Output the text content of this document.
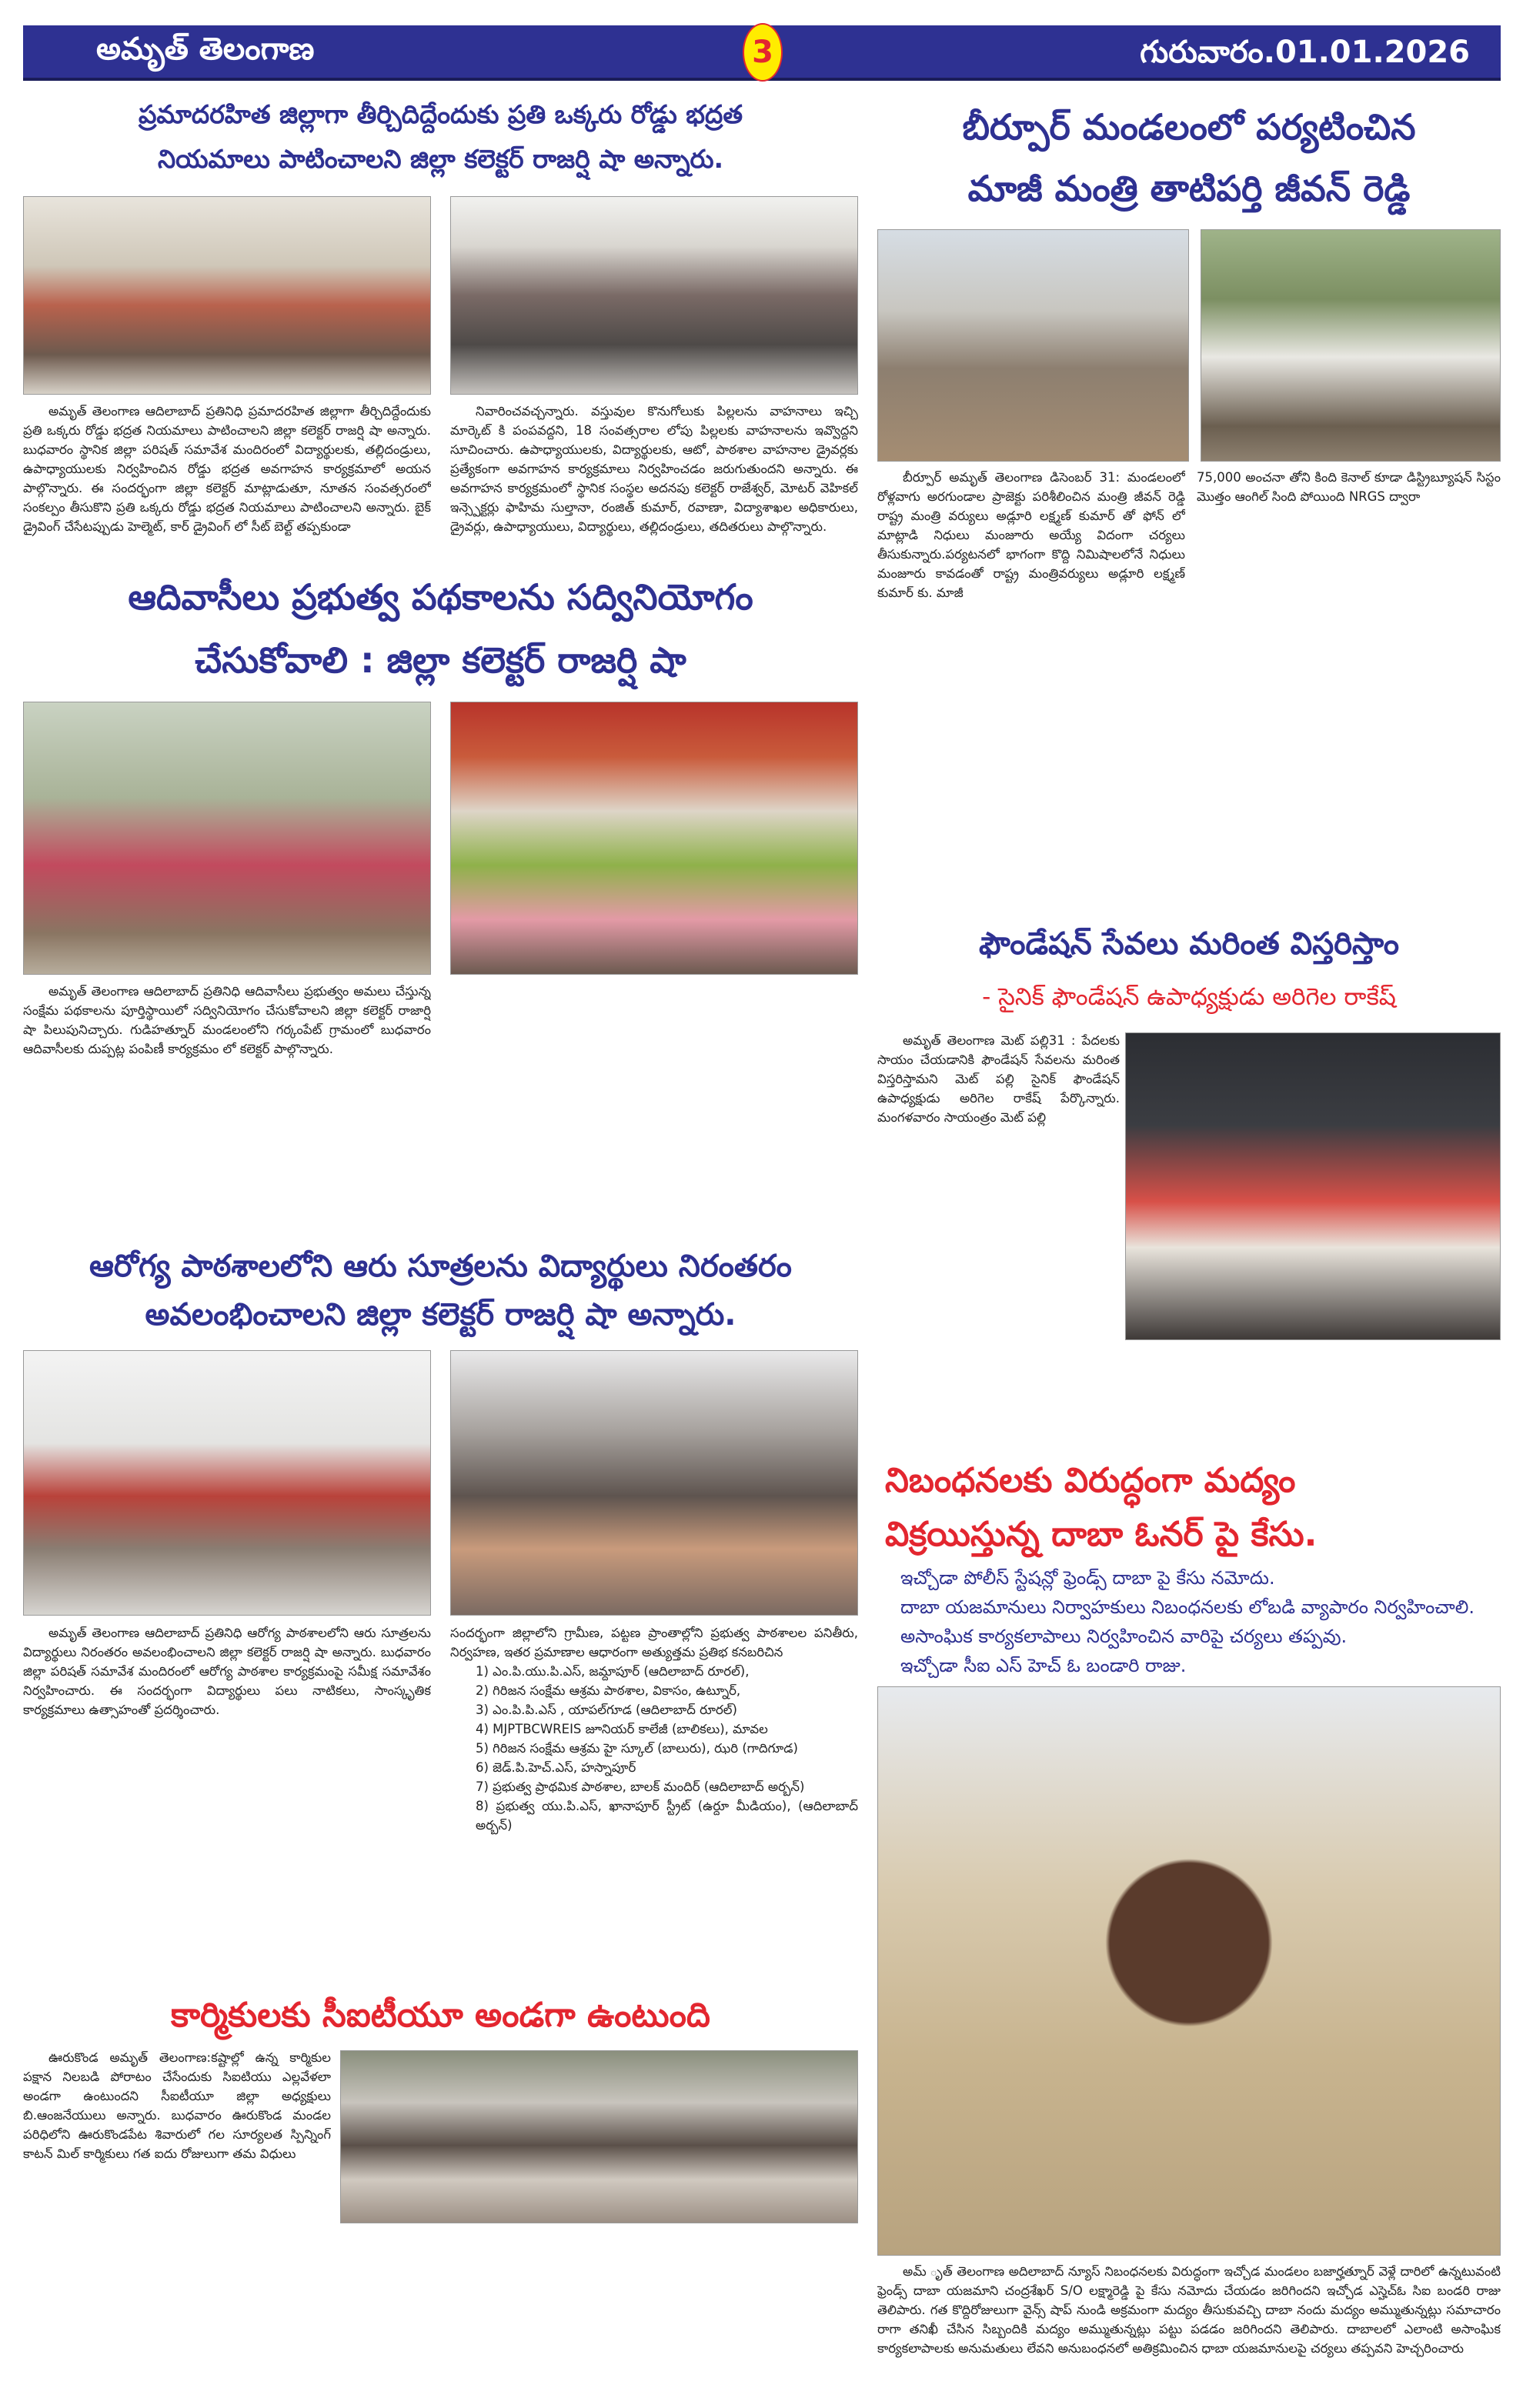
అమృత్ తెలంగాణ	3	గురువారం.01.01.2026
ప్రమాదరహిత జిల్లాగా తీర్చిదిద్దేందుకు ప్రతి ఒక్కరు రోడ్డు భద్రత
నియమాలు పాటించాలని జిల్లా కలెక్టర్ రాజర్షి షా అన్నారు.

అమృత్ తెలంగాణ ఆదిలాబాద్ ప్రతినిధి ప్రమాదరహిత జిల్లాగా తీర్చిదిద్దేందుకు ప్రతి ఒక్కరు రోడ్డు భద్రత నియమాలు పాటించాలని జిల్లా కలెక్టర్ రాజర్షి షా అన్నారు. బుధవారం స్థానిక జిల్లా పరిషత్ సమావేశ మందిరంలో విద్యార్థులకు, తల్లిదండ్రులు, ఉపాధ్యాయులకు నిర్వహించిన రోడ్డు భద్రత అవగాహన కార్యక్రమాలో అయన పాల్గొన్నారు. ఈ సందర్భంగా జిల్లా కలెక్టర్ మాట్లాడుతూ, నూతన సంవత్సరంలో సంకల్పం తీసుకొని ప్రతి ఒక్కరు రోడ్డు భద్రత నియమాలు పాటించాలని అన్నారు. బైక్ డ్రైవింగ్ చేసేటప్పుడు హెల్మెట్, కార్ డ్రైవింగ్ లో సీట్ బెల్ట్ తప్పకుండా

నివారించవచ్చన్నారు. వస్తువుల కొనుగోలుకు పిల్లలను వాహనాలు ఇచ్చి మార్కెట్ కి పంపవద్దని, 18 సంవత్సరాల లోపు పిల్లలకు వాహనాలను ఇవ్వొద్దని సూచించారు. ఉపాధ్యాయులకు, విద్యార్థులకు, ఆటో, పాఠశాల వాహనాల డ్రైవర్లకు ప్రత్యేకంగా అవగాహన కార్యక్రమాలు నిర్వహించడం జరుగుతుందని అన్నారు. ఈ అవగాహన కార్యక్రమంలో స్థానిక సంస్థల అదనపు కలెక్టర్ రాజేశ్వర్, మోటర్ వెహికల్ ఇన్స్పెక్టర్లు ఫాహిమ సుల్తానా, రంజిత్ కుమార్, రవాణా, విద్యాశాఖల అధికారులు, డ్రైవర్లు, ఉపాధ్యాయులు, విద్యార్థులు, తల్లిదండ్రులు, తదితరులు పాల్గొన్నారు.

ఆదివాసీలు ప్రభుత్వ పథకాలను సద్వినియోగం
చేసుకోవాలి : జిల్లా కలెక్టర్ రాజర్షి షా

అమృత్ తెలంగాణ ఆదిలాబాద్ ప్రతినిధి ఆదివాసీలు ప్రభుత్వం అమలు చేస్తున్న సంక్షేమ పథకాలను పూర్తిస్థాయిలో సద్వినియోగం చేసుకోవాలని జిల్లా కలెక్టర్ రాజార్షి షా పిలుపునిచ్చారు. గుడిహత్నూర్ మండలంలోని గర్కంపేట్ గ్రామంలో బుధవారం ఆదివాసీలకు దుప్పట్ల పంపిణీ కార్యక్రమం లో కలెక్టర్ పాల్గొన్నారు.

ఆరోగ్య పాఠశాలలోని ఆరు సూత్రలను విద్యార్థులు నిరంతరం
అవలంభించాలని జిల్లా కలెక్టర్ రాజర్షి షా అన్నారు.

అమృత్ తెలంగాణ ఆదిలాబాద్ ప్రతినిధి ఆరోగ్య పాఠశాలలోని ఆరు సూత్రలను విద్యార్థులు నిరంతరం అవలంభించాలని జిల్లా కలెక్టర్ రాజర్షి షా అన్నారు. బుధవారం జిల్లా పరిషత్ సమావేశ మందిరంలో ఆరోగ్య పాఠశాల కార్యక్రమంపై సమీక్ష సమావేశం నిర్వహించారు. ఈ సందర్భంగా విద్యార్థులు పలు నాటికలు, సాంస్కృతిక కార్యక్రమాలు ఉత్సాహంతో ప్రదర్శించారు.

సందర్భంగా జిల్లాలోని గ్రామీణ, పట్టణ ప్రాంతాల్లోని ప్రభుత్వ పాఠశాలల పనితీరు, నిర్వహణ, ఇతర ప్రమాణాల ఆధారంగా అత్యుత్తమ ప్రతిభ కనబరిచిన

1) ఎం.పి.యు.పి.ఎస్, జమ్దాపూర్ (ఆదిలాబాద్ రూరల్),
2) గిరిజన సంక్షేమ ఆశ్రమ పాఠశాల, వికాసం, ఉట్నూర్,
3) ఎం.పి.పి.ఎస్ , యాపల్‌గూడ (ఆదిలాబాద్ రూరల్)
4) MJPTBCWREIS జూనియర్ కాలేజీ (బాలికలు), మావల
5) గిరిజన సంక్షేమ ఆశ్రమ హై స్కూల్ (బాలురు), ఝరి (గాదిగూడ)
6) జెడ్.పి.హెచ్.ఎస్, హస్నాపూర్
7) ప్రభుత్వ ప్రాథమిక పాఠశాల, బాలక్ మందిర్ (ఆదిలాబాద్ అర్బన్)
8) ప్రభుత్వ యు.పి.ఎస్, ఖానాపూర్ స్ట్రీట్ (ఉర్దూ మీడియం), (ఆదిలాబాద్ అర్బన్)
కార్మికులకు సీఐటీయూ అండగా ఉంటుంది

ఊరుకొండ అమృత్ తెలంగాణ:కష్టాల్లో ఉన్న కార్మికుల పక్షాన నిలబడి పోరాటం చేసేందుకు సిఐటియు ఎల్లవేళలా అండగా ఉంటుందని సీఐటీయూ జిల్లా అధ్యక్షులు బి.ఆంజనేయులు అన్నారు. బుధవారం ఊరుకొండ మండల పరిధిలోని ఊరుకొండపేట శివారులో గల సూర్యలత స్పిన్నింగ్ కాటన్ మిల్ కార్మికులు గత ఐదు రోజులుగా తమ విధులు

బీర్పూర్ మండలంలో పర్యటించిన
మాజీ మంత్రి తాటిపర్తి జీవన్ రెడ్డి

బీర్పూర్ అమృత్ తెలంగాణ డిసెంబర్ 31: మండలంలో రోళ్లవాగు అరగుండాల ప్రాజెక్టు పరిశీలించిన మంత్రి జీవన్ రెడ్డి రాష్ట్ర మంత్రి వర్యులు అడ్లూరి లక్ష్మణ్ కుమార్ తో ఫోన్ లో మాట్లాడి నిధులు మంజూరు అయ్యే విదంగా చర్యలు తీసుకున్నారు.పర్యటనలో భాగంగా కొద్ది నిమిషాలలోనే నిధులు మంజూరు కావడంతో రాష్ట్ర మంత్రివర్యులు అడ్లూరి లక్ష్మణ్ కుమార్ కు. మాజీ

75,000 అంచనా తోని కింది కెనాల్ కూడా డిస్ట్రిబ్యూషన్ సిస్టం మొత్తం ఆంగిల్ సింది పోయింది NRGS ద్వారా

ఫౌండేషన్ సేవలు మరింత విస్తరిస్తాం
- సైనిక్ ఫౌండేషన్ ఉపాధ్యక్షుడు అరిగెల రాకేష్

అమృత్ తెలంగాణ మెట్ పల్లి31 : పేదలకు సాయం చేయడానికి ఫౌండేషన్ సేవలను మరింత విస్తరిస్తామని మెట్ పల్లి సైనిక్ ఫౌండేషన్ ఉపాధ్యక్షుడు అరిగెల రాకేష్ పేర్కొన్నారు. మంగళవారం సాయంత్రం మెట్ పల్లి

నిబంధనలకు విరుద్ధంగా మద్యం
విక్రయిస్తున్న దాబా ఓనర్ పై కేసు.
ఇచ్చోడా పోలీస్ స్టేషన్లో ఫ్రెండ్స్ దాబా పై కేసు నమోదు.
దాబా యజమానులు నిర్వాహకులు నిబంధనలకు లోబడి వ్యాపారం నిర్వహించాలి.
అసాంఘిక కార్యకలాపాలు నిర్వహించిన వారిపై చర్యలు తప్పవు.
ఇచ్చోడా సీఐ ఎస్ హెచ్ ఓ బండారి రాజు.

అమ్ ృత్ తెలంగాణ అదిలాబాద్ న్యూస్ నిబంధనలకు విరుద్ధంగా ఇచ్చోడ మండలం బజార్హత్నూర్ వెళ్లే దారిలో ఉన్నటువంటి ఫ్రెండ్స్ దాబా యజమాని చంద్రశేఖర్ S/O లక్ష్మారెడ్డి పై కేసు నమోదు చేయడం జరిగిందని ఇచ్చోడ ఎస్హెచ్ఓ సిఐ బండరి రాజు తెలిపారు. గత కొద్దిరోజులుగా వైన్స్ షాప్ నుండి అక్రమంగా మద్యం తీసుకువచ్చి దాబా నందు మద్యం అమ్ముతున్నట్లు సమాచారం రాగా తనిఖీ చేసిన సిబ్బందికి మద్యం అమ్ముతున్నట్లు పట్టు పడడం జరిగిందని తెలిపారు. దాబాలలో ఎలాంటి అసాంఘిక కార్యకలాపాలకు అనుమతులు లేవని అనుబంధనలో అతిక్రమించిన ధాబా యజమానులపై చర్యలు తప్పవని హెచ్చరించారు
